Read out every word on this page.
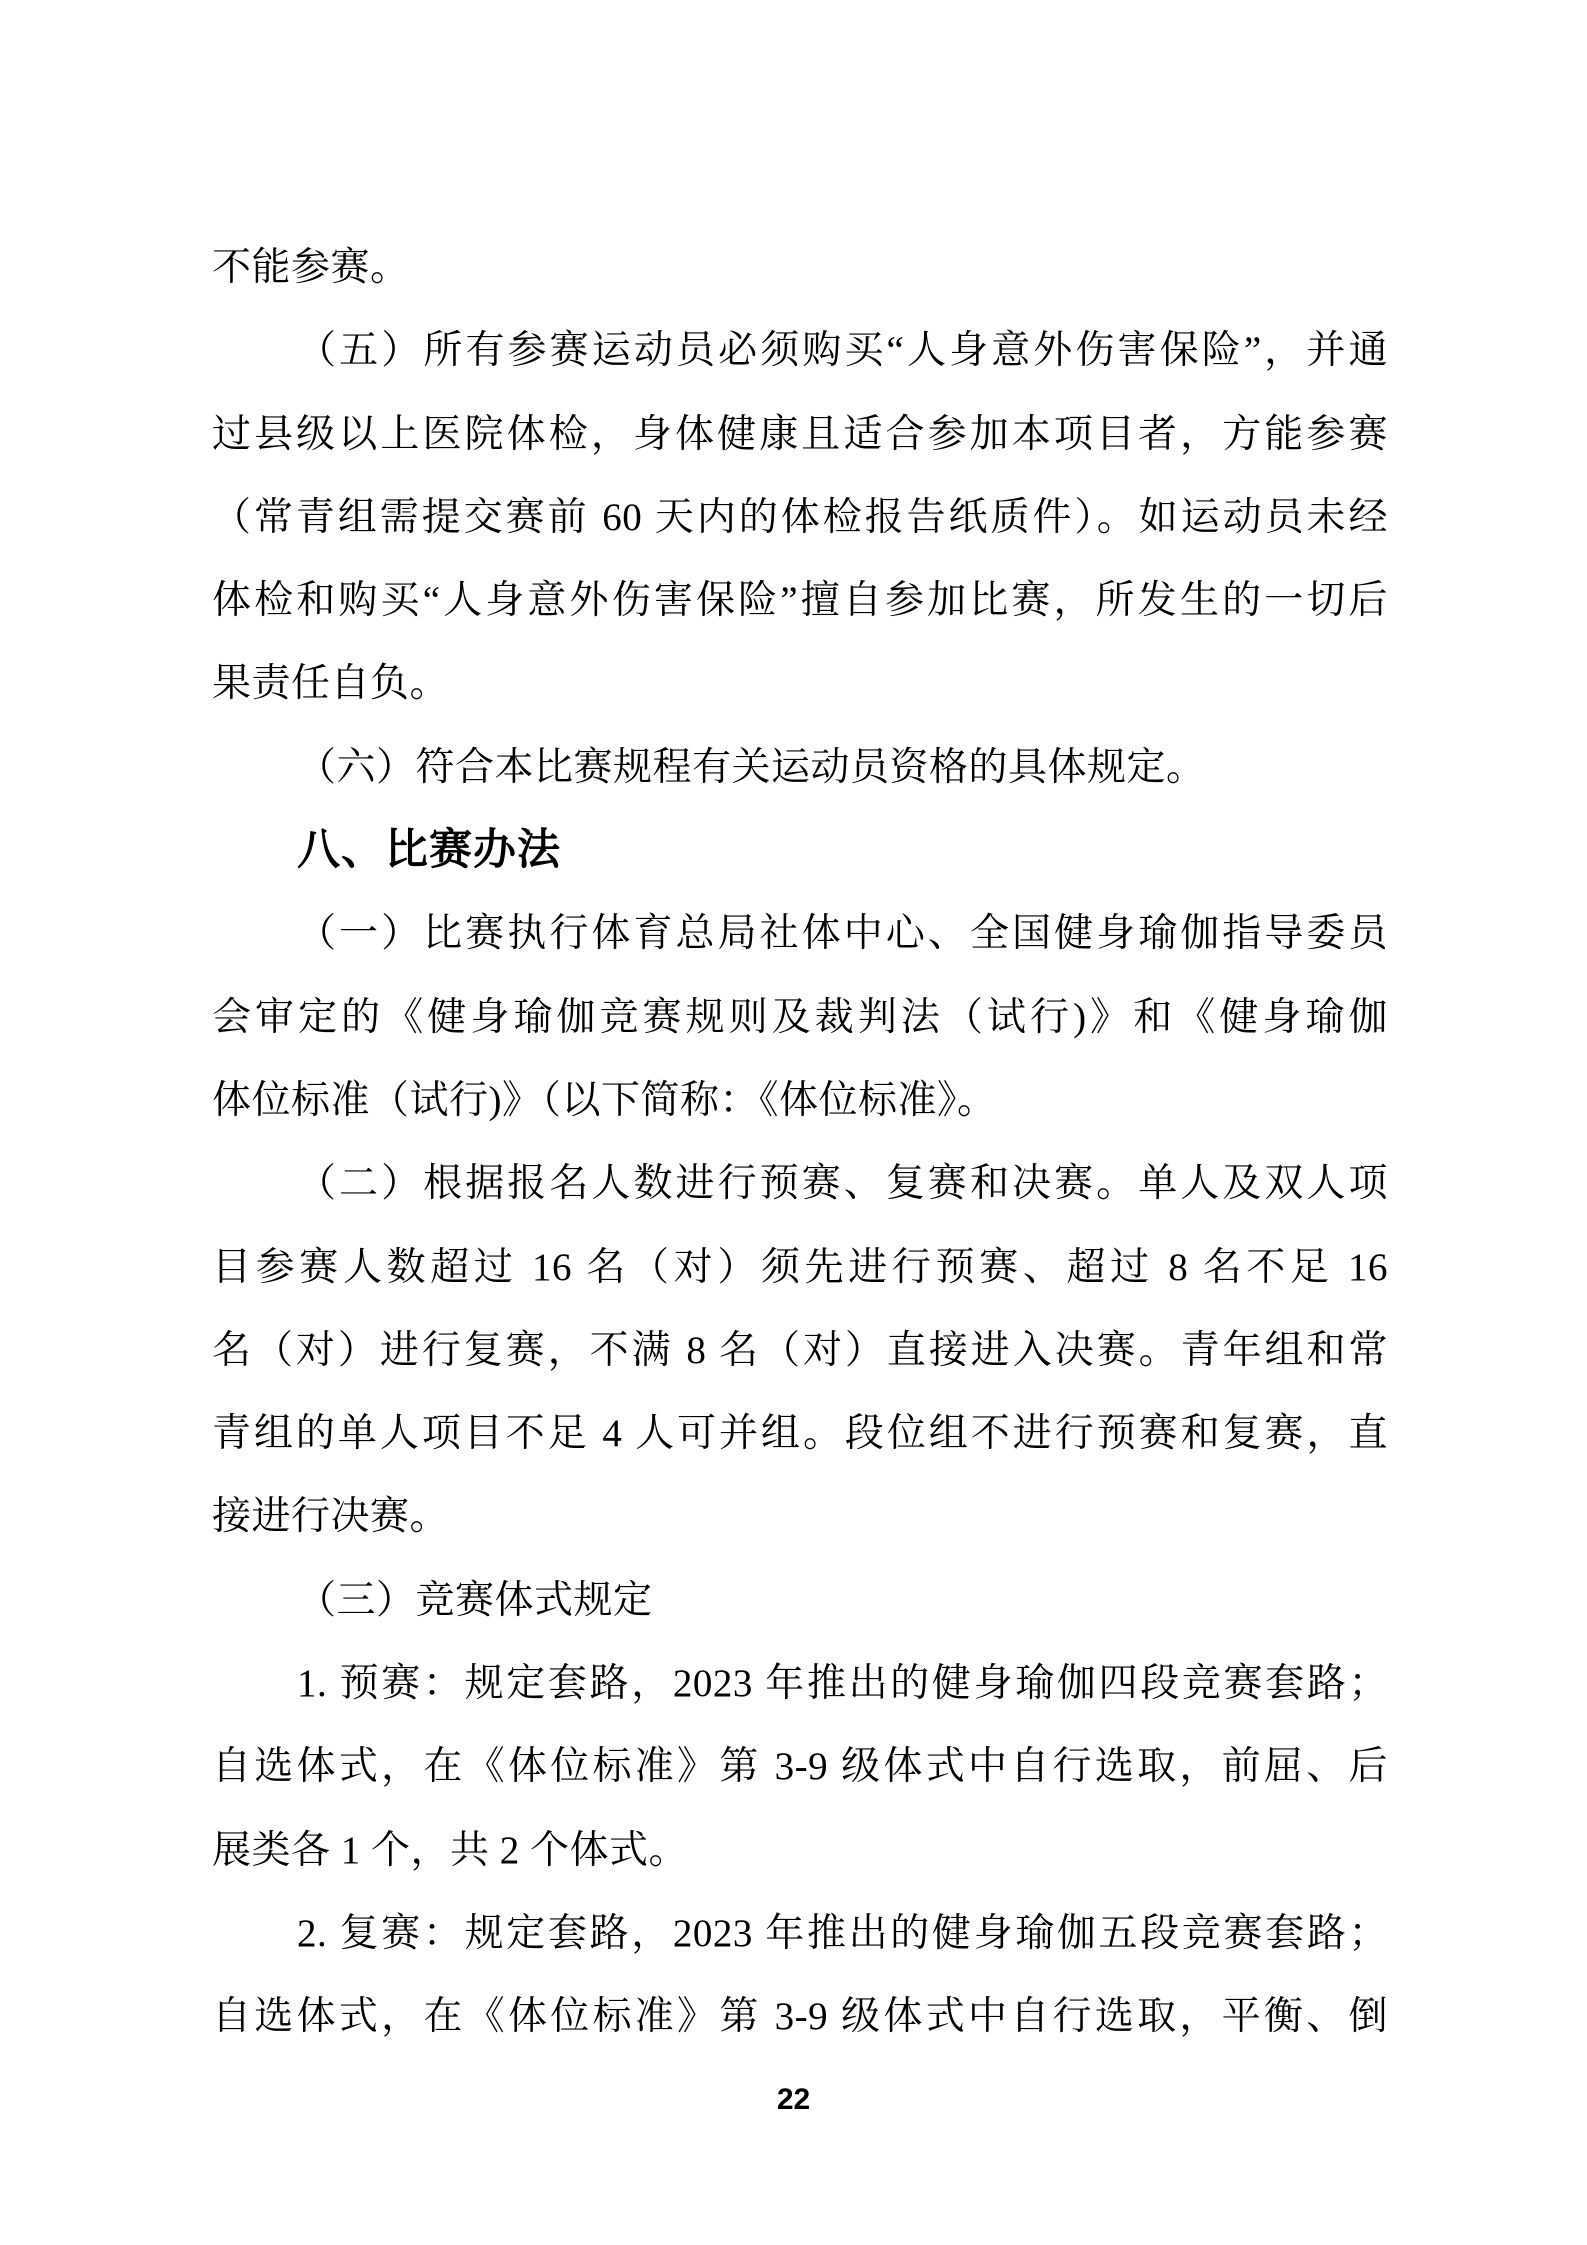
不能参赛。
（五）所有参赛运动员必须购买“人身意外伤害保险”，并通
过县级以上医院体检，身体健康且适合参加本项目者，方能参赛
（常青组需提交赛前 60 天内的体检报告纸质件）。如运动员未经
体检和购买“人身意外伤害保险”擅自参加比赛，所发生的一切后
果责任自负。
（六）符合本比赛规程有关运动员资格的具体规定。
八、比赛办法
（一）比赛执行体育总局社体中心、全国健身瑜伽指导委员
会审定的《健身瑜伽竞赛规则及裁判法（试行)》和《健身瑜伽
体位标准（试行)》（以下简称：《体位标准》。
（二）根据报名人数进行预赛、复赛和决赛。单人及双人项
目参赛人数超过 16 名（对）须先进行预赛、超过 8 名不足 16
名（对）进行复赛，不满 8 名（对）直接进入决赛。青年组和常
青组的单人项目不足 4 人可并组。段位组不进行预赛和复赛，直
接进行决赛。
（三）竞赛体式规定
1. 预赛：规定套路，2023 年推出的健身瑜伽四段竞赛套路；
自选体式，在《体位标准》第 3-9 级体式中自行选取，前屈、后
展类各 1 个，共 2 个体式。
2. 复赛：规定套路，2023 年推出的健身瑜伽五段竞赛套路；
自选体式，在《体位标准》第 3-9 级体式中自行选取，平衡、倒
22
